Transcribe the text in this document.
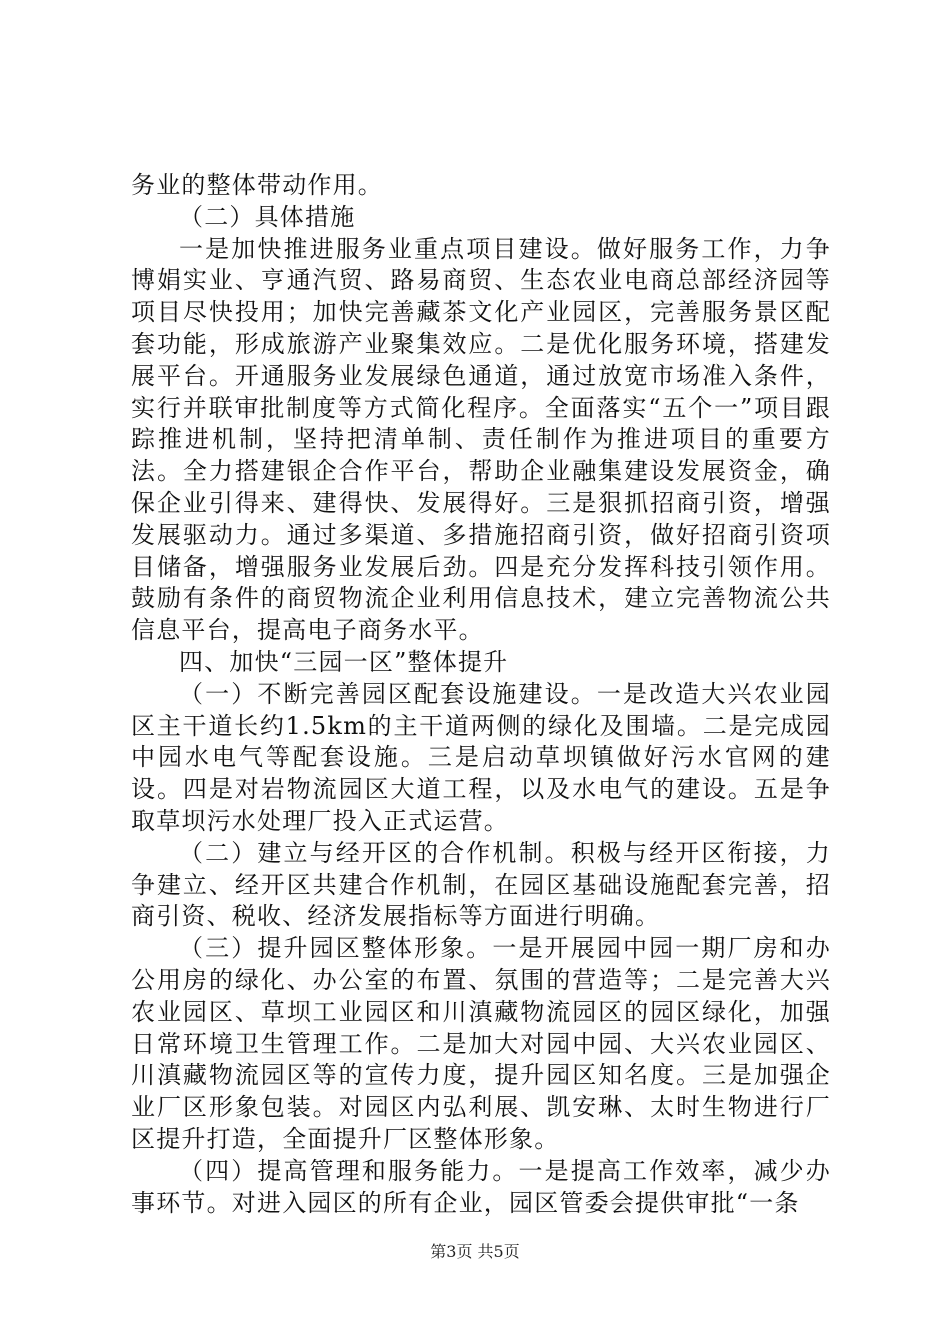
务业的整体带动作用。

（二）具体措施

一是加快推进服务业重点项目建设。做好服务工作，力争博娟实业、亨通汽贸、路易商贸、生态农业电商总部经济园等项目尽快投用；加快完善藏茶文化产业园区，完善服务景区配套功能，形成旅游产业聚集效应。二是优化服务环境，搭建发展平台。开通服务业发展绿色通道，通过放宽市场准入条件，实行并联审批制度等方式简化程序。全面落实“五个一”项目跟踪推进机制，坚持把清单制、责任制作为推进项目的重要方法。全力搭建银企合作平台，帮助企业融集建设发展资金，确保企业引得来、建得快、发展得好。三是狠抓招商引资，增强发展驱动力。通过多渠道、多措施招商引资，做好招商引资项目储备，增强服务业发展后劲。四是充分发挥科技引领作用。鼓励有条件的商贸物流企业利用信息技术，建立完善物流公共信息平台，提高电子商务水平。

四、加快“三园一区”整体提升

（一）不断完善园区配套设施建设。一是改造大兴农业园区主干道长约1.5km的主干道两侧的绿化及围墙。二是完成园中园水电气等配套设施。三是启动草坝镇做好污水官网的建设。四是对岩物流园区大道工程，以及水电气的建设。五是争取草坝污水处理厂投入正式运营。

（二）建立与经开区的合作机制。积极与经开区衔接，力争建立、经开区共建合作机制，在园区基础设施配套完善，招商引资、税收、经济发展指标等方面进行明确。

（三）提升园区整体形象。一是开展园中园一期厂房和办公用房的绿化、办公室的布置、氛围的营造等；二是完善大兴农业园区、草坝工业园区和川滇藏物流园区的园区绿化，加强日常环境卫生管理工作。二是加大对园中园、大兴农业园区、川滇藏物流园区等的宣传力度，提升园区知名度。三是加强企业厂区形象包装。对园区内弘利展、凯安琳、太时生物进行厂区提升打造，全面提升厂区整体形象。

（四）提高管理和服务能力。一是提高工作效率，减少办事环节。对进入园区的所有企业，园区管委会提供审批“一条

第3页 共5页
